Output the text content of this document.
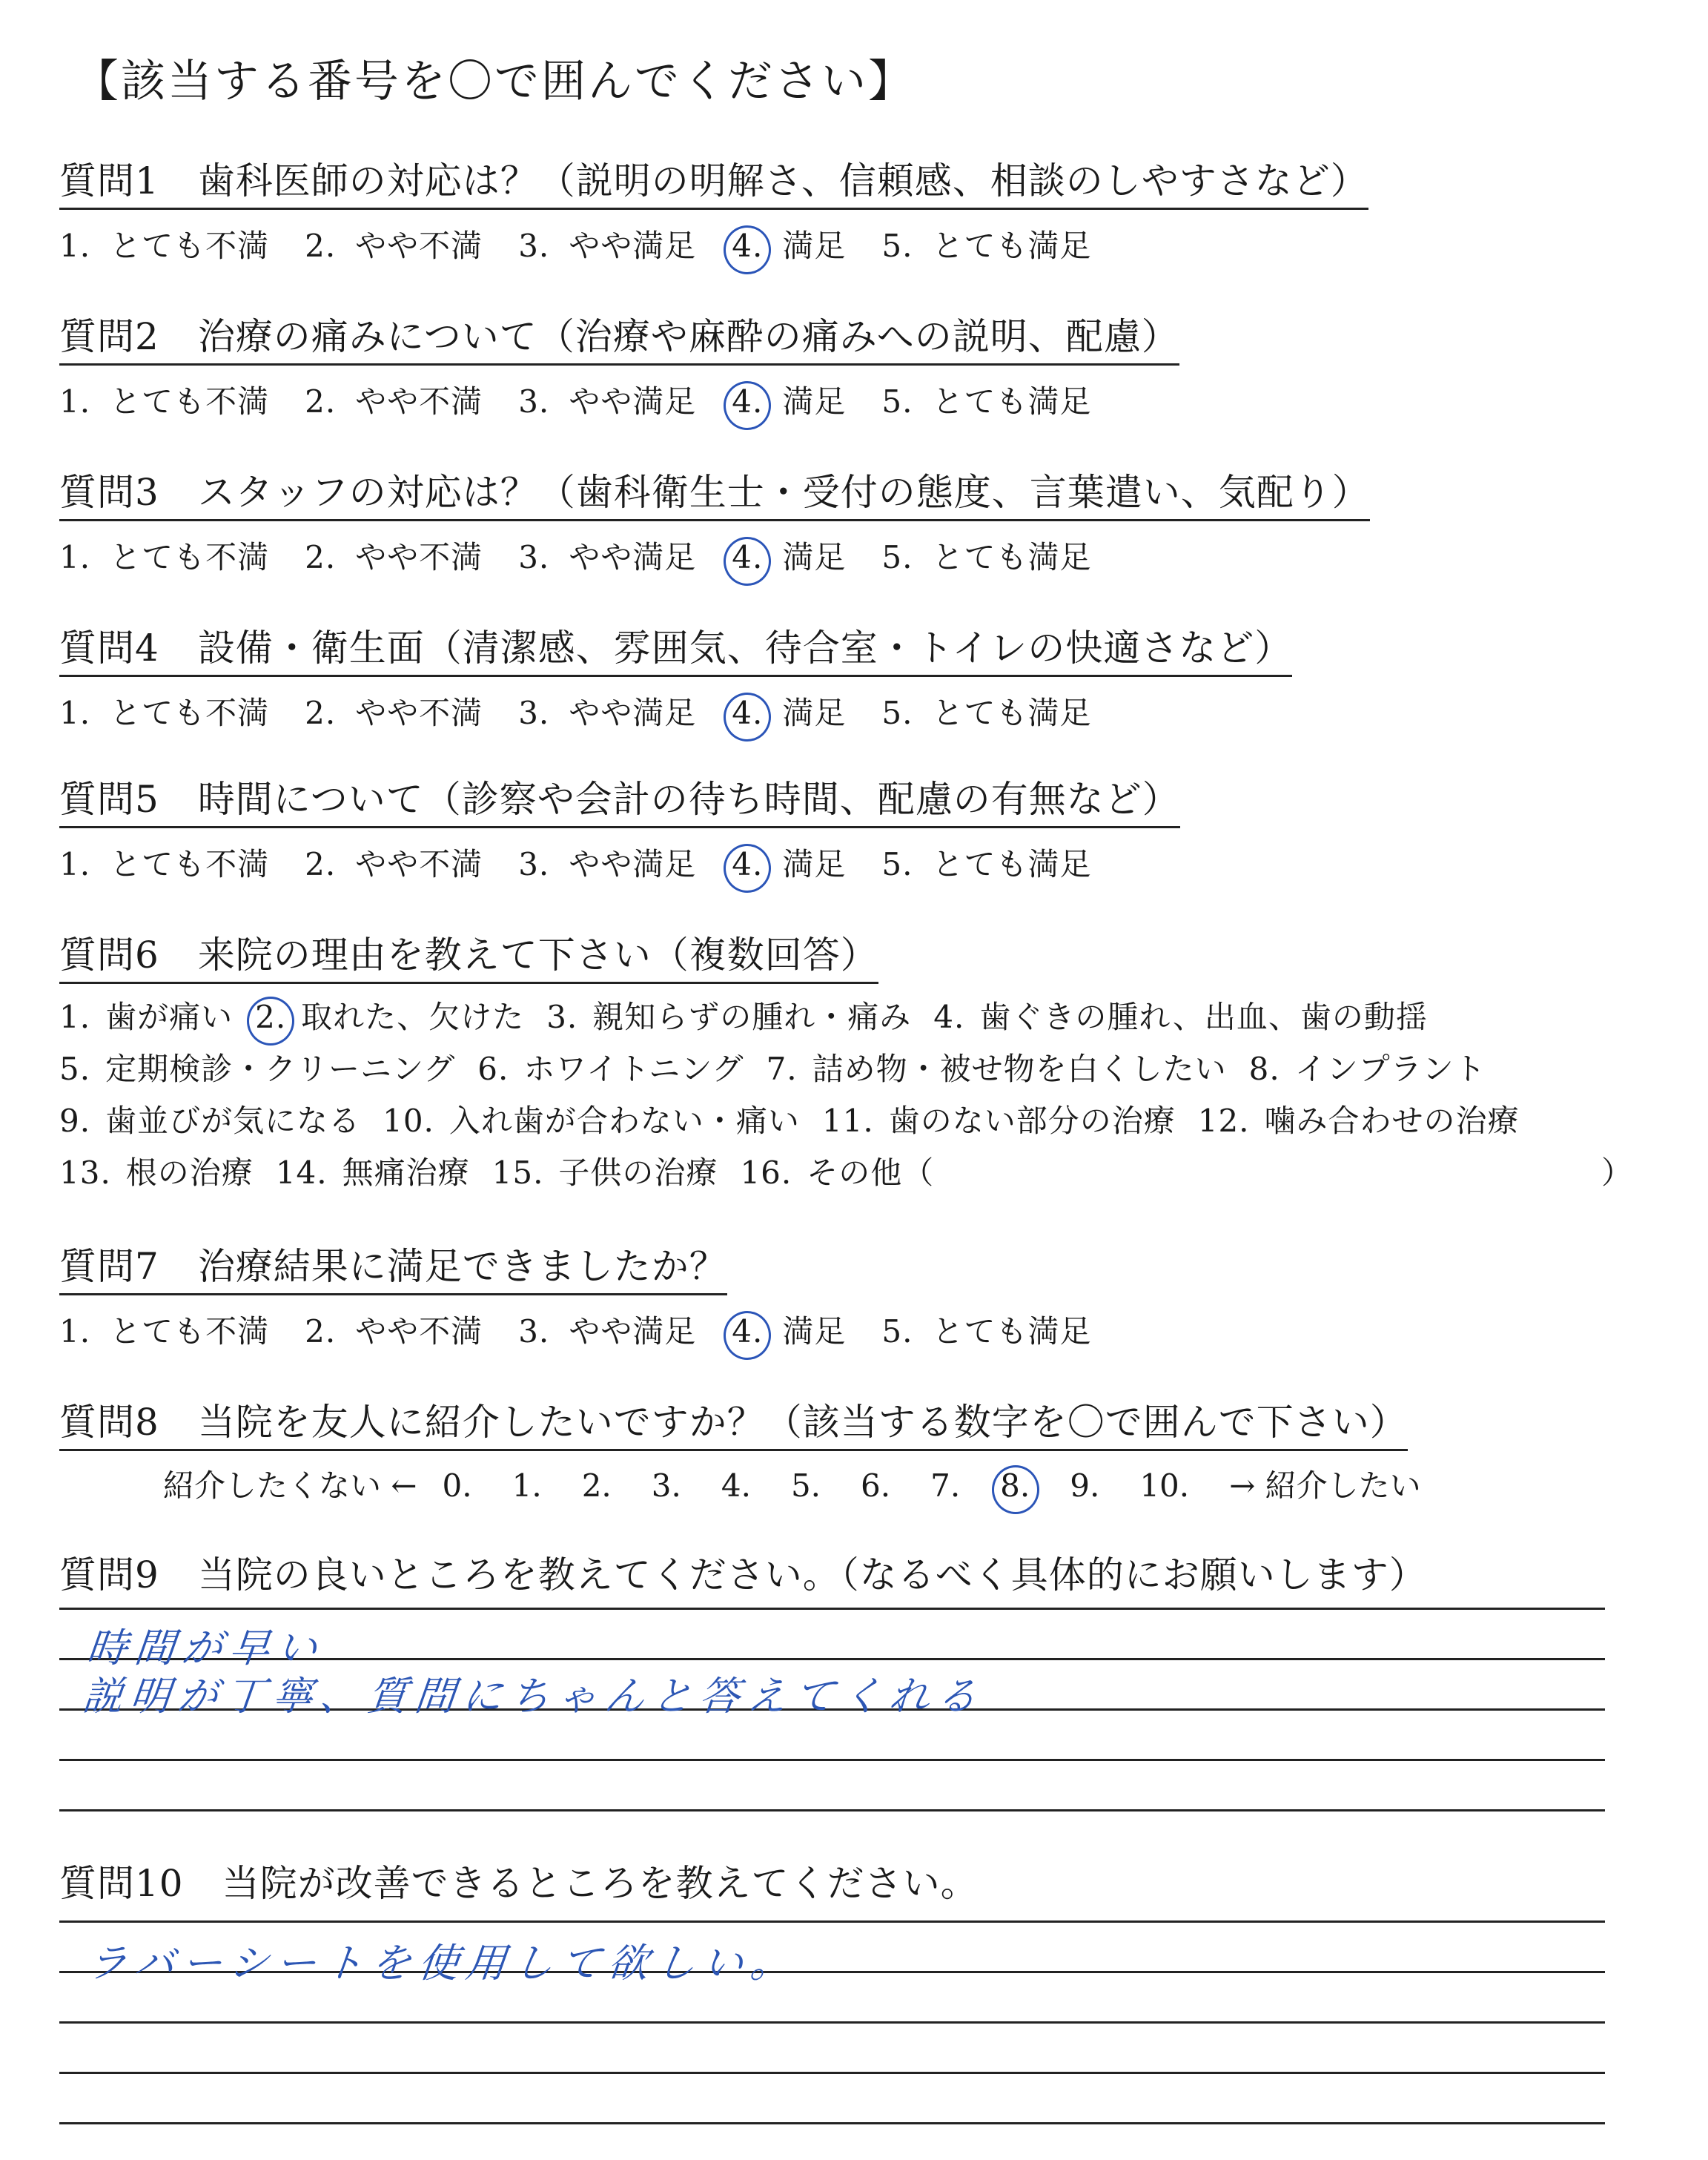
【該当する番号を〇で囲んでください】
質問1 歯科医師の対応は？（説明の明解さ、信頼感、相談のしやすさなど）
1. とても不満 2. やや不満 3. やや満足 4. 満足 5. とても満足
質問2 治療の痛みについて（治療や麻酔の痛みへの説明、配慮）
1. とても不満 2. やや不満 3. やや満足 4. 満足 5. とても満足
質問3 スタッフの対応は？（歯科衛生士・受付の態度、言葉遣い、気配り）
1. とても不満 2. やや不満 3. やや満足 4. 満足 5. とても満足
質問4 設備・衛生面（清潔感、雰囲気、待合室・トイレの快適さなど）
1. とても不満 2. やや不満 3. やや満足 4. 満足 5. とても満足
質問5 時間について（診察や会計の待ち時間、配慮の有無など）
1. とても不満 2. やや不満 3. やや満足 4. 満足 5. とても満足
質問6 来院の理由を教えて下さい（複数回答）
1. 歯が痛い 2. 取れた、欠けた 3. 親知らずの腫れ・痛み 4. 歯ぐきの腫れ、出血、歯の動揺
5. 定期検診・クリーニング 6. ホワイトニング 7. 詰め物・被せ物を白くしたい 8. インプラント
9. 歯並びが気になる 10. 入れ歯が合わない・痛い 11. 歯のない部分の治療 12. 噛み合わせの治療
13. 根の治療 14. 無痛治療 15. 子供の治療 16. その他（	）
質問7 治療結果に満足できましたか？
1. とても不満 2. やや不満 3. やや満足 4. 満足 5. とても満足
質問8 当院を友人に紹介したいですか？（該当する数字を〇で囲んで下さい）
紹介したくない ← 0. 1. 2. 3. 4. 5. 6. 7. 8. 9. 10. → 紹介したい
質問9 当院の良いところを教えてください。（なるべく具体的にお願いします）
時間が早い
説明が丁寧、質問にちゃんと答えてくれる
質問10 当院が改善できるところを教えてください。
ラバーシートを使用して欲しい。
